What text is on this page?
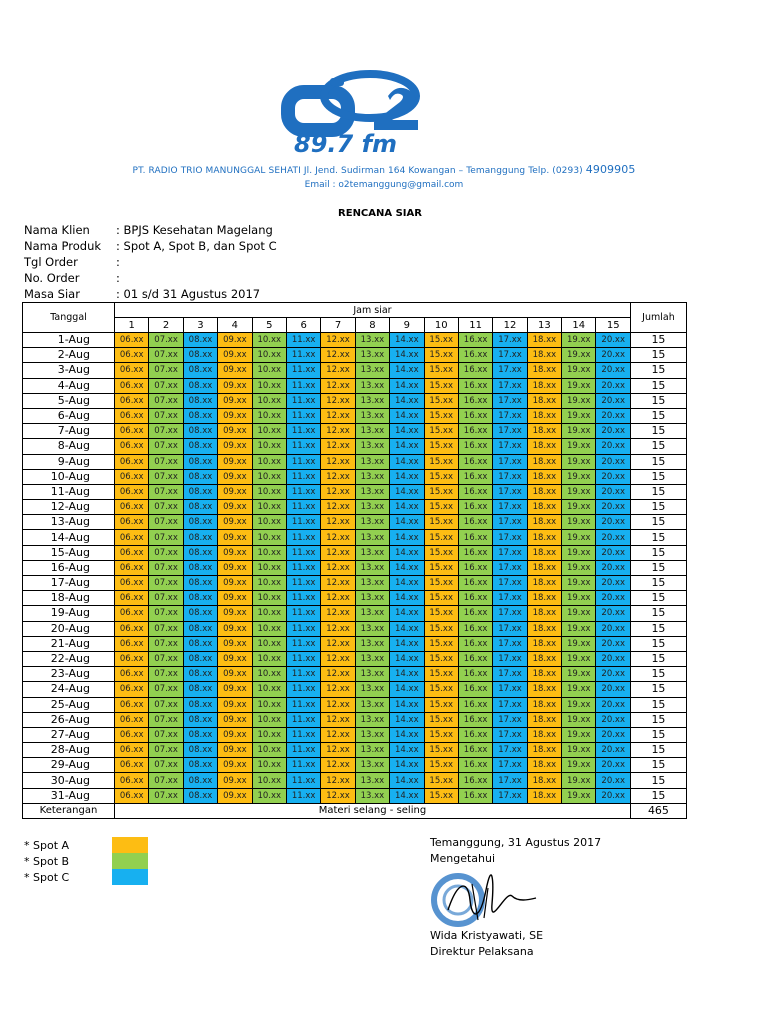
89.7 fm
PT. RADIO TRIO MANUNGGAL SEHATI Jl. Jend. Sudirman 164 Kowangan – Temanggung Telp. (0293) 4909905
Email : o2temanggung@gmail.com
RENCANA SIAR
Nama Klien	: BPJS Kesehatan Magelang
Nama Produk	: Spot A, Spot B, dan Spot C
Tgl Order	:
No. Order	:
Masa Siar	: 01 s/d 31 Agustus 2017
Tanggal	Jam siar															Jumlah
	1	2	3	4	5	6	7	8	9	10	11	12	13	14	15	
1-Aug	06.xx	07.xx	08.xx	09.xx	10.xx	11.xx	12.xx	13.xx	14.xx	15.xx	16.xx	17.xx	18.xx	19.xx	20.xx	15
2-Aug	06.xx	07.xx	08.xx	09.xx	10.xx	11.xx	12.xx	13.xx	14.xx	15.xx	16.xx	17.xx	18.xx	19.xx	20.xx	15
3-Aug	06.xx	07.xx	08.xx	09.xx	10.xx	11.xx	12.xx	13.xx	14.xx	15.xx	16.xx	17.xx	18.xx	19.xx	20.xx	15
4-Aug	06.xx	07.xx	08.xx	09.xx	10.xx	11.xx	12.xx	13.xx	14.xx	15.xx	16.xx	17.xx	18.xx	19.xx	20.xx	15
5-Aug	06.xx	07.xx	08.xx	09.xx	10.xx	11.xx	12.xx	13.xx	14.xx	15.xx	16.xx	17.xx	18.xx	19.xx	20.xx	15
6-Aug	06.xx	07.xx	08.xx	09.xx	10.xx	11.xx	12.xx	13.xx	14.xx	15.xx	16.xx	17.xx	18.xx	19.xx	20.xx	15
7-Aug	06.xx	07.xx	08.xx	09.xx	10.xx	11.xx	12.xx	13.xx	14.xx	15.xx	16.xx	17.xx	18.xx	19.xx	20.xx	15
8-Aug	06.xx	07.xx	08.xx	09.xx	10.xx	11.xx	12.xx	13.xx	14.xx	15.xx	16.xx	17.xx	18.xx	19.xx	20.xx	15
9-Aug	06.xx	07.xx	08.xx	09.xx	10.xx	11.xx	12.xx	13.xx	14.xx	15.xx	16.xx	17.xx	18.xx	19.xx	20.xx	15
10-Aug	06.xx	07.xx	08.xx	09.xx	10.xx	11.xx	12.xx	13.xx	14.xx	15.xx	16.xx	17.xx	18.xx	19.xx	20.xx	15
11-Aug	06.xx	07.xx	08.xx	09.xx	10.xx	11.xx	12.xx	13.xx	14.xx	15.xx	16.xx	17.xx	18.xx	19.xx	20.xx	15
12-Aug	06.xx	07.xx	08.xx	09.xx	10.xx	11.xx	12.xx	13.xx	14.xx	15.xx	16.xx	17.xx	18.xx	19.xx	20.xx	15
13-Aug	06.xx	07.xx	08.xx	09.xx	10.xx	11.xx	12.xx	13.xx	14.xx	15.xx	16.xx	17.xx	18.xx	19.xx	20.xx	15
14-Aug	06.xx	07.xx	08.xx	09.xx	10.xx	11.xx	12.xx	13.xx	14.xx	15.xx	16.xx	17.xx	18.xx	19.xx	20.xx	15
15-Aug	06.xx	07.xx	08.xx	09.xx	10.xx	11.xx	12.xx	13.xx	14.xx	15.xx	16.xx	17.xx	18.xx	19.xx	20.xx	15
16-Aug	06.xx	07.xx	08.xx	09.xx	10.xx	11.xx	12.xx	13.xx	14.xx	15.xx	16.xx	17.xx	18.xx	19.xx	20.xx	15
17-Aug	06.xx	07.xx	08.xx	09.xx	10.xx	11.xx	12.xx	13.xx	14.xx	15.xx	16.xx	17.xx	18.xx	19.xx	20.xx	15
18-Aug	06.xx	07.xx	08.xx	09.xx	10.xx	11.xx	12.xx	13.xx	14.xx	15.xx	16.xx	17.xx	18.xx	19.xx	20.xx	15
19-Aug	06.xx	07.xx	08.xx	09.xx	10.xx	11.xx	12.xx	13.xx	14.xx	15.xx	16.xx	17.xx	18.xx	19.xx	20.xx	15
20-Aug	06.xx	07.xx	08.xx	09.xx	10.xx	11.xx	12.xx	13.xx	14.xx	15.xx	16.xx	17.xx	18.xx	19.xx	20.xx	15
21-Aug	06.xx	07.xx	08.xx	09.xx	10.xx	11.xx	12.xx	13.xx	14.xx	15.xx	16.xx	17.xx	18.xx	19.xx	20.xx	15
22-Aug	06.xx	07.xx	08.xx	09.xx	10.xx	11.xx	12.xx	13.xx	14.xx	15.xx	16.xx	17.xx	18.xx	19.xx	20.xx	15
23-Aug	06.xx	07.xx	08.xx	09.xx	10.xx	11.xx	12.xx	13.xx	14.xx	15.xx	16.xx	17.xx	18.xx	19.xx	20.xx	15
24-Aug	06.xx	07.xx	08.xx	09.xx	10.xx	11.xx	12.xx	13.xx	14.xx	15.xx	16.xx	17.xx	18.xx	19.xx	20.xx	15
25-Aug	06.xx	07.xx	08.xx	09.xx	10.xx	11.xx	12.xx	13.xx	14.xx	15.xx	16.xx	17.xx	18.xx	19.xx	20.xx	15
26-Aug	06.xx	07.xx	08.xx	09.xx	10.xx	11.xx	12.xx	13.xx	14.xx	15.xx	16.xx	17.xx	18.xx	19.xx	20.xx	15
27-Aug	06.xx	07.xx	08.xx	09.xx	10.xx	11.xx	12.xx	13.xx	14.xx	15.xx	16.xx	17.xx	18.xx	19.xx	20.xx	15
28-Aug	06.xx	07.xx	08.xx	09.xx	10.xx	11.xx	12.xx	13.xx	14.xx	15.xx	16.xx	17.xx	18.xx	19.xx	20.xx	15
29-Aug	06.xx	07.xx	08.xx	09.xx	10.xx	11.xx	12.xx	13.xx	14.xx	15.xx	16.xx	17.xx	18.xx	19.xx	20.xx	15
30-Aug	06.xx	07.xx	08.xx	09.xx	10.xx	11.xx	12.xx	13.xx	14.xx	15.xx	16.xx	17.xx	18.xx	19.xx	20.xx	15
31-Aug	06.xx	07.xx	08.xx	09.xx	10.xx	11.xx	12.xx	13.xx	14.xx	15.xx	16.xx	17.xx	18.xx	19.xx	20.xx	15
Keterangan	Materi selang - seling															465
* Spot A
* Spot B
* Spot C
Temanggung, 31 Agustus 2017
Mengetahui
Wida Kristyawati, SE
Direktur Pelaksana
